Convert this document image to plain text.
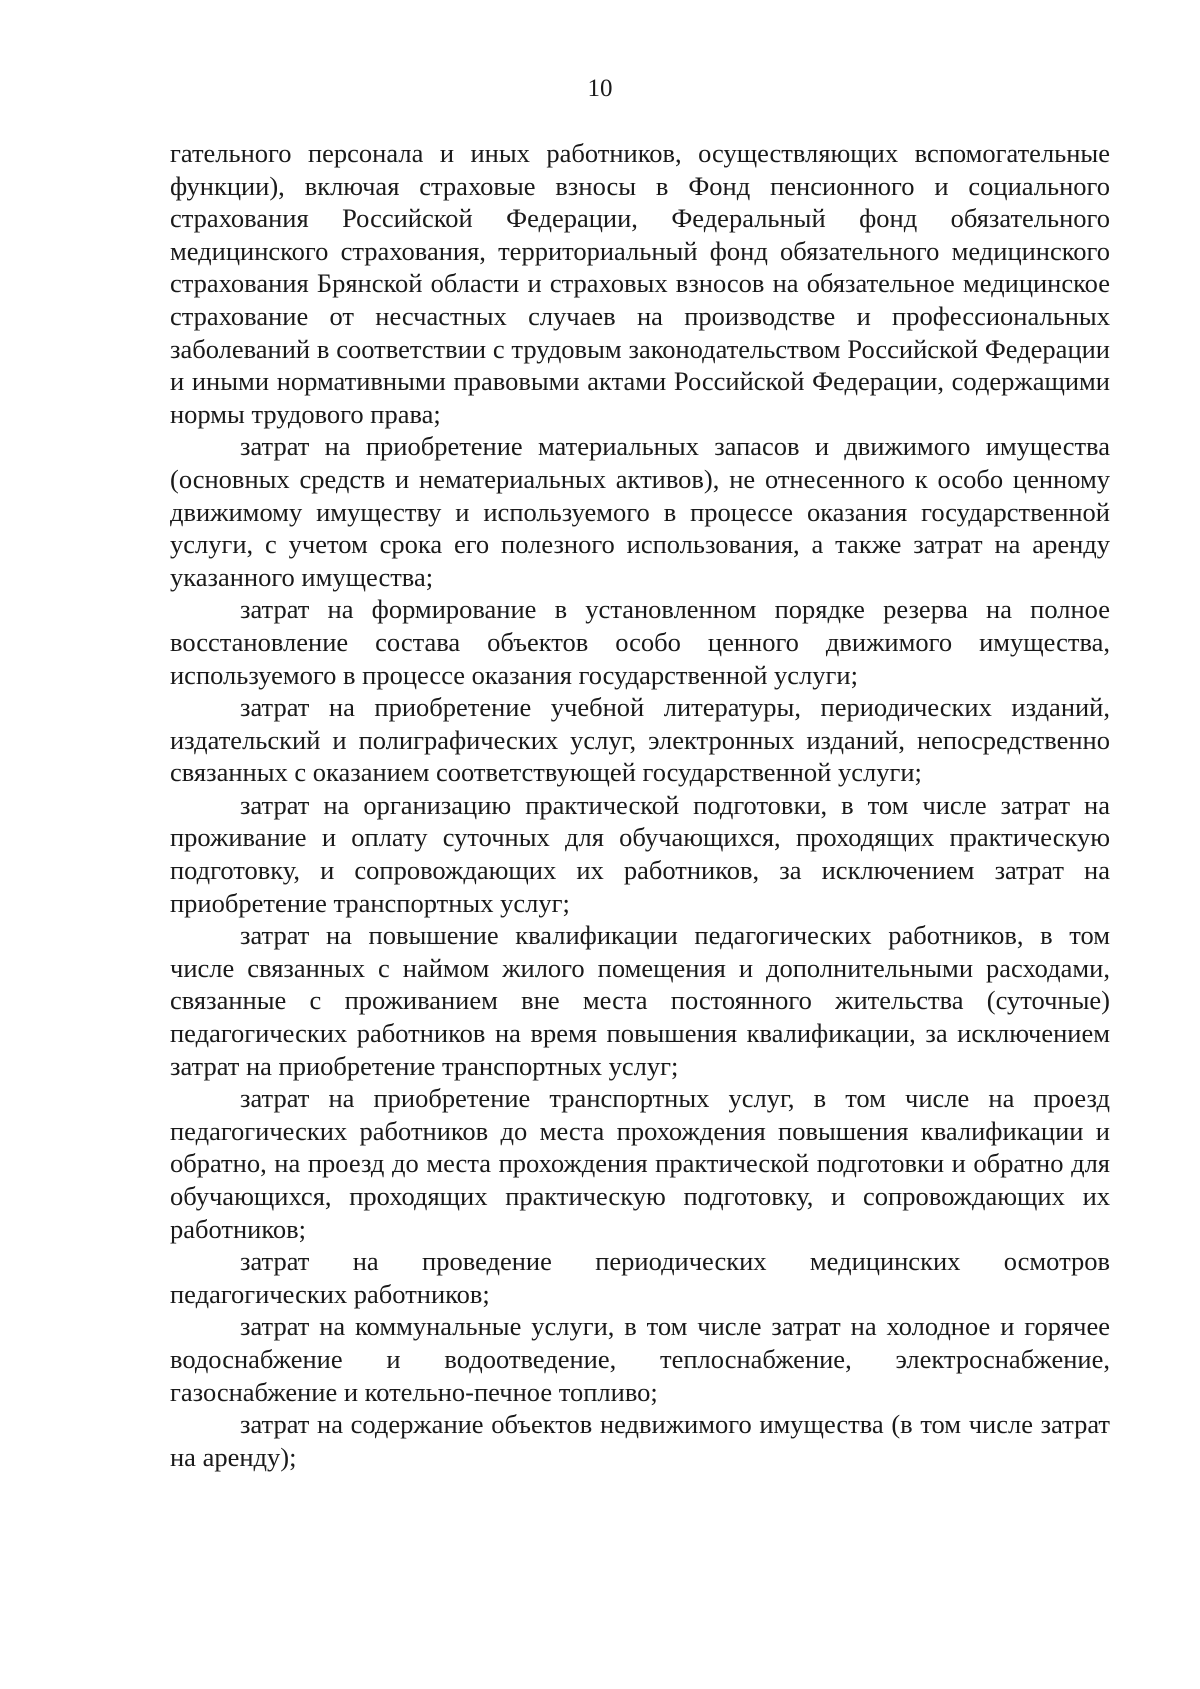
10

гательного персонала и иных работников, осуществляющих вспомогательные функции), включая страховые взносы в Фонд пенсионного и социального страхования Российской Федерации, Федеральный фонд обязательного медицинского страхования, территориальный фонд обязательного медицинского страхования Брянской области и страховых взносов на обязательное медицинское страхование от несчастных случаев на производстве и профессиональных заболеваний в соответствии с трудовым законодательством Российской Федерации и иными нормативными правовыми актами Российской Федерации, содержащими нормы трудового права;

затрат на приобретение материальных запасов и движимого имущества (основных средств и нематериальных активов), не отнесенного к особо ценному движимому имуществу и используемого в процессе оказания государственной услуги, с учетом срока его полезного использования, а также затрат на аренду указанного имущества;

затрат на формирование в установленном порядке резерва на полное восстановление состава объектов особо ценного движимого имущества, используемого в процессе оказания государственной услуги;

затрат на приобретение учебной литературы, периодических изданий, издательский и полиграфических услуг, электронных изданий, непосредственно связанных с оказанием соответствующей государственной услуги;

затрат на организацию практической подготовки, в том числе затрат на проживание и оплату суточных для обучающихся, проходящих практическую подготовку, и сопровождающих их работников, за исключением затрат на приобретение транспортных услуг;

затрат на повышение квалификации педагогических работников, в том числе связанных с наймом жилого помещения и дополнительными расходами, связанные с проживанием вне места постоянного жительства (суточные) педагогических работников на время повышения квалификации, за исключением затрат на приобретение транспортных услуг;

затрат на приобретение транспортных услуг, в том числе на проезд педагогических работников до места прохождения повышения квалификации и обратно, на проезд до места прохождения практической подготовки и обратно для обучающихся, проходящих практическую подготовку, и сопровождающих их работников;

затрат на проведение периодических медицинских осмотров педагогических работников;

затрат на коммунальные услуги, в том числе затрат на холодное и горячее водоснабжение и водоотведение, теплоснабжение, электроснабжение, газоснабжение и котельно-печное топливо;

затрат на содержание объектов недвижимого имущества (в том числе затрат на аренду);
